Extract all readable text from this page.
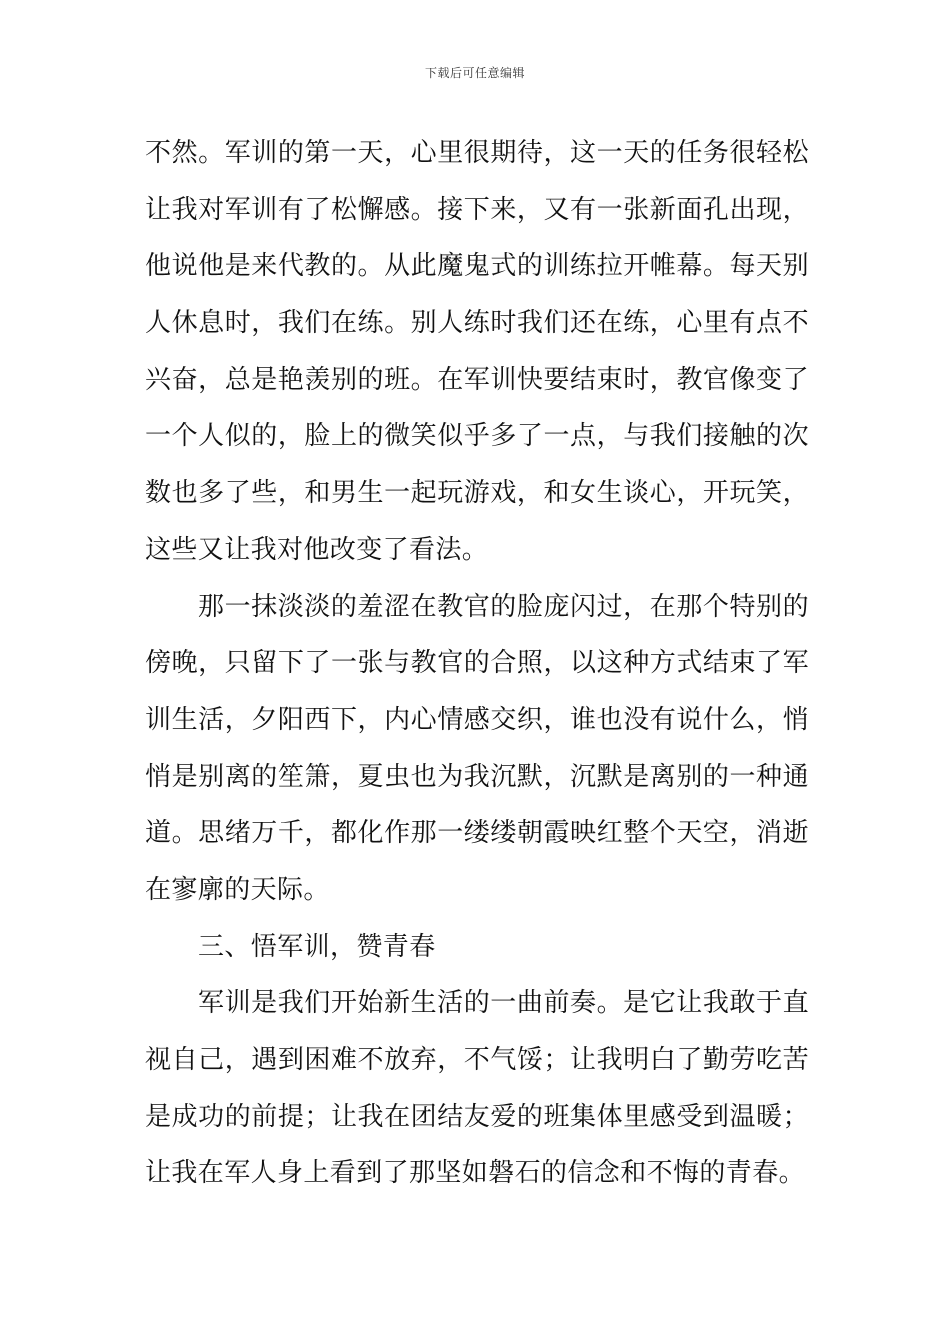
下载后可任意编辑
不然。军训的第一天，心里很期待，这一天的任务很轻松
让我对军训有了松懈感。接下来，又有一张新面孔出现，
他说他是来代教的。从此魔鬼式的训练拉开帷幕。每天别
人休息时，我们在练。别人练时我们还在练，心里有点不
兴奋，总是艳羡别的班。在军训快要结束时，教官像变了
一个人似的，脸上的微笑似乎多了一点，与我们接触的次
数也多了些，和男生一起玩游戏，和女生谈心，开玩笑，
这些又让我对他改变了看法。
那一抹淡淡的羞涩在教官的脸庞闪过，在那个特别的
傍晚，只留下了一张与教官的合照，以这种方式结束了军
训生活，夕阳西下，内心情感交织，谁也没有说什么，悄
悄是别离的笙箫，夏虫也为我沉默，沉默是离别的一种通
道。思绪万千，都化作那一缕缕朝霞映红整个天空，消逝
在寥廓的天际。
三、悟军训，赞青春
军训是我们开始新生活的一曲前奏。是它让我敢于直
视自己，遇到困难不放弃，不气馁；让我明白了勤劳吃苦
是成功的前提；让我在团结友爱的班集体里感受到温暖；
让我在军人身上看到了那坚如磐石的信念和不悔的青春。
